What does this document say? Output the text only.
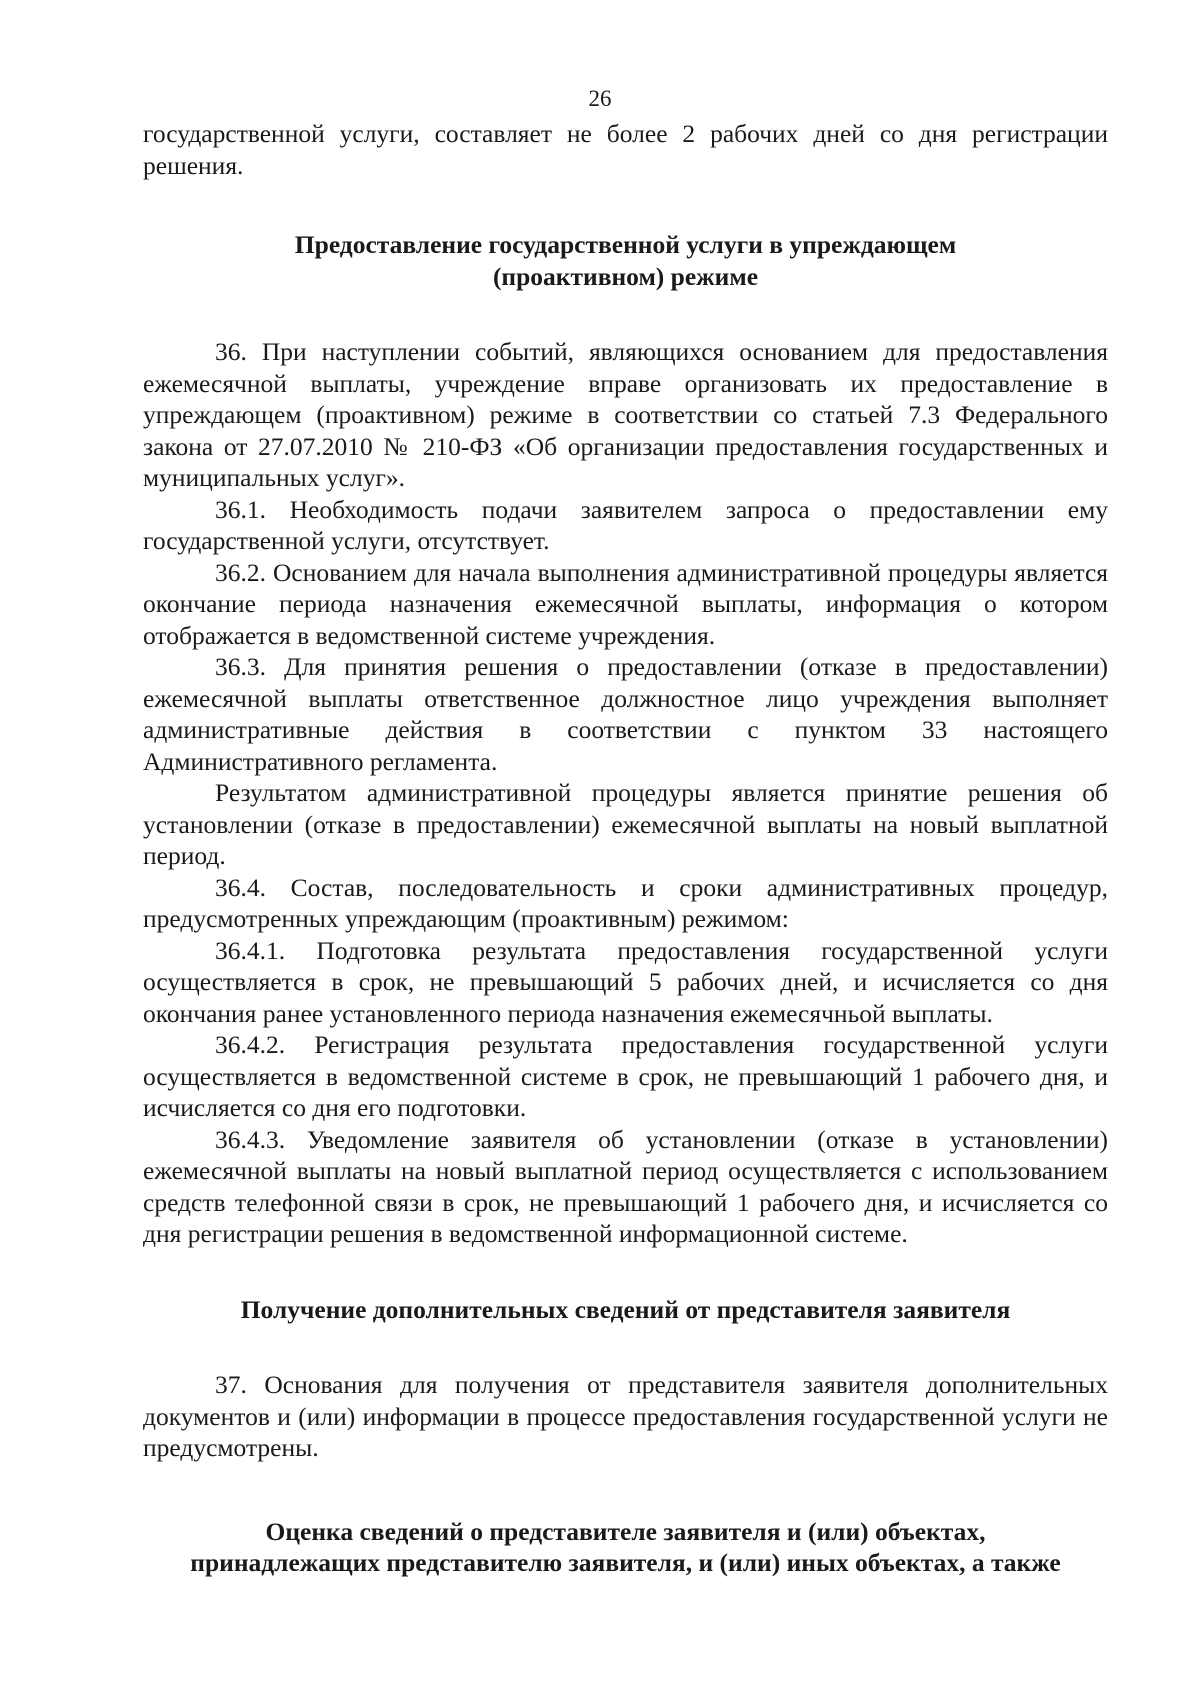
26

государственной услуги, составляет не более 2 рабочих дней со дня регистрации решения.

Предоставление государственной услуги в упреждающем
(проактивном) режиме

36. При наступлении событий, являющихся основанием для предоставления ежемесячной выплаты, учреждение вправе организовать их предоставление в упреждающем (проактивном) режиме в соответствии со статьей 7.3 Федерального закона от 27.07.2010 № 210-ФЗ «Об организации предоставления государственных и муниципальных услуг».

36.1. Необходимость подачи заявителем запроса о предоставлении ему государственной услуги, отсутствует.

36.2. Основанием для начала выполнения административной процедуры является окончание периода назначения ежемесячной выплаты, информация о котором отображается в ведомственной системе учреждения.

36.3. Для принятия решения о предоставлении (отказе в предоставлении) ежемесячной выплаты ответственное должностное лицо учреждения выполняет административные действия в соответствии с пунктом 33 настоящего Административного регламента.

Результатом административной процедуры является принятие решения об установлении (отказе в предоставлении) ежемесячной выплаты на новый выплатной период.

36.4. Состав, последовательность и сроки административных процедур, предусмотренных упреждающим (проактивным) режимом:

36.4.1. Подготовка результата предоставления государственной услуги осуществляется в срок, не превышающий 5 рабочих дней, и исчисляется со дня окончания ранее установленного периода назначения ежемесячньой выплаты.

36.4.2. Регистрация результата предоставления государственной услуги осуществляется в ведомственной системе в срок, не превышающий 1 рабочего дня, и исчисляется со дня его подготовки.

36.4.3. Уведомление заявителя об установлении (отказе в установлении) ежемесячной выплаты на новый выплатной период осуществляется с использованием средств телефонной связи в срок, не превышающий 1 рабочего дня, и исчисляется со дня регистрации решения в ведомственной информационной системе.

Получение дополнительных сведений от представителя заявителя

37. Основания для получения от представителя заявителя дополнительных документов и (или) информации в процессе предоставления государственной услуги не предусмотрены.

Оценка сведений о представителе заявителя и (или) объектах,
принадлежащих представителю заявителя, и (или) иных объектах, а также
